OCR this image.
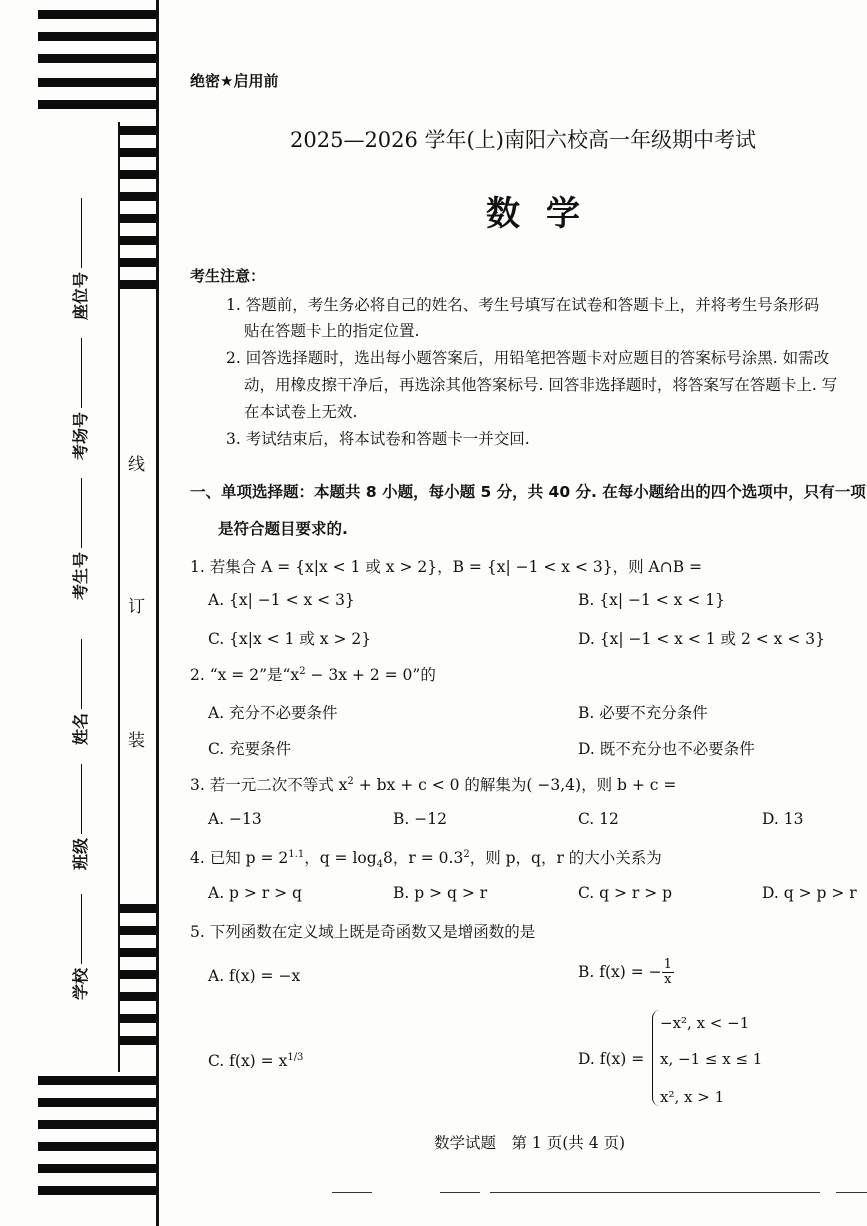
座位号
考场号
考生号
姓名
班级
学校
线
订
装
绝密★启用前
2025—2026 学年(上)南阳六校高一年级期中考试
数学
考生注意：
1. 答题前，考生务必将自己的姓名、考生号填写在试卷和答题卡上，并将考生号条形码
贴在答题卡上的指定位置.
2. 回答选择题时，选出每小题答案后，用铅笔把答题卡对应题目的答案标号涂黑. 如需改
动，用橡皮擦干净后，再选涂其他答案标号. 回答非选择题时，将答案写在答题卡上. 写
在本试卷上无效.
3. 考试结束后，将本试卷和答题卡一并交回.
一、单项选择题：本题共 8 小题，每小题 5 分，共 40 分. 在每小题给出的四个选项中，只有一项
是符合题目要求的.
1. 若集合 A = {x|x < 1 或 x > 2}，B = {x| −1 < x < 3}，则 A∩B =
A. {x| −1 < x < 3}	B. {x| −1 < x < 1}
C. {x|x < 1 或 x > 2}	D. {x| −1 < x < 1 或 2 < x < 3}
2. “x = 2”是“$x^2 - 3x + 2 = 0$”的
A. 充分不必要条件	B. 必要不充分条件
C. 充要条件	D. 既不充分也不必要条件
3. 若一元二次不等式 $x^2$ + bx + c < 0 的解集为( −3,4)，则 b + c =
A. −13	B. −12	C. 12	D. 13
4. 已知 $p = 2^{1.1}$，$q = \log_48$，$r = 0.3^2$，则 p，q，r 的大小关系为
A. p > r > q	B. p > q > r	C. q > r > p	D. q > p > r
5. 下列函数在定义域上既是奇函数又是增函数的是
A. f(x) = −x	B. f(x) = − $\frac{1}{x}$
C. $f(x) = x^{1/3}$	D. f(x) =
−x², x < −1
x, −1 ≤ x ≤ 1
x², x > 1
数学试题　第 1 页(共 4 页)
